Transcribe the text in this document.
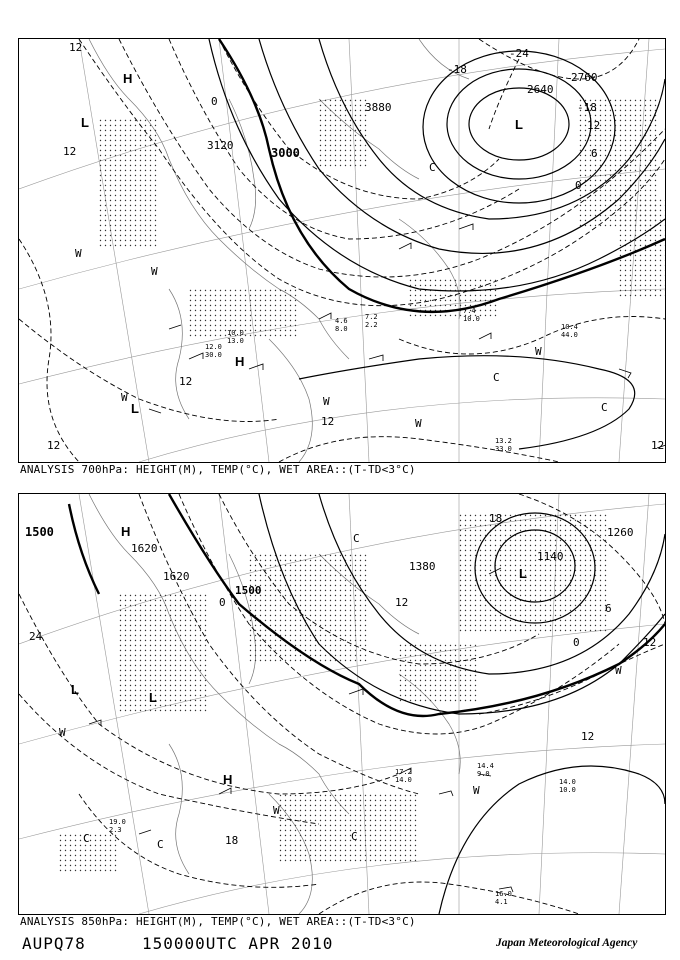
3000
3120
2640
2760
3880
H
L	L
H
L
W
W
W	W
W
C
C
W
C
12
12
12
12
12
12
12
0
0
6
-18
-18
-24
13.2
33.0
10.4
44.0
7.4
10.0
12.0
30.0
10.0
13.0
7.2
2.2
4.6
8.0
ANALYSIS 700hPa: HEIGHT(M), TEMP(°C), WET AREA::(T-TD<3°C)
1500
1620
1620
1500
1380
1260
1140
H
L
L
L
H
W
W
W
W
C	C
C
C
24
18
18
12
12
12
6
0
0
16.0
4.1
14.4
9.0
14.0
10.0
17.2
14.0
19.0
2.3
ANALYSIS 850hPa: HEIGHT(M), TEMP(°C), WET AREA::(T-TD<3°C)
AUPQ78	150000UTC APR 2010	Japan Meteorological Agency
